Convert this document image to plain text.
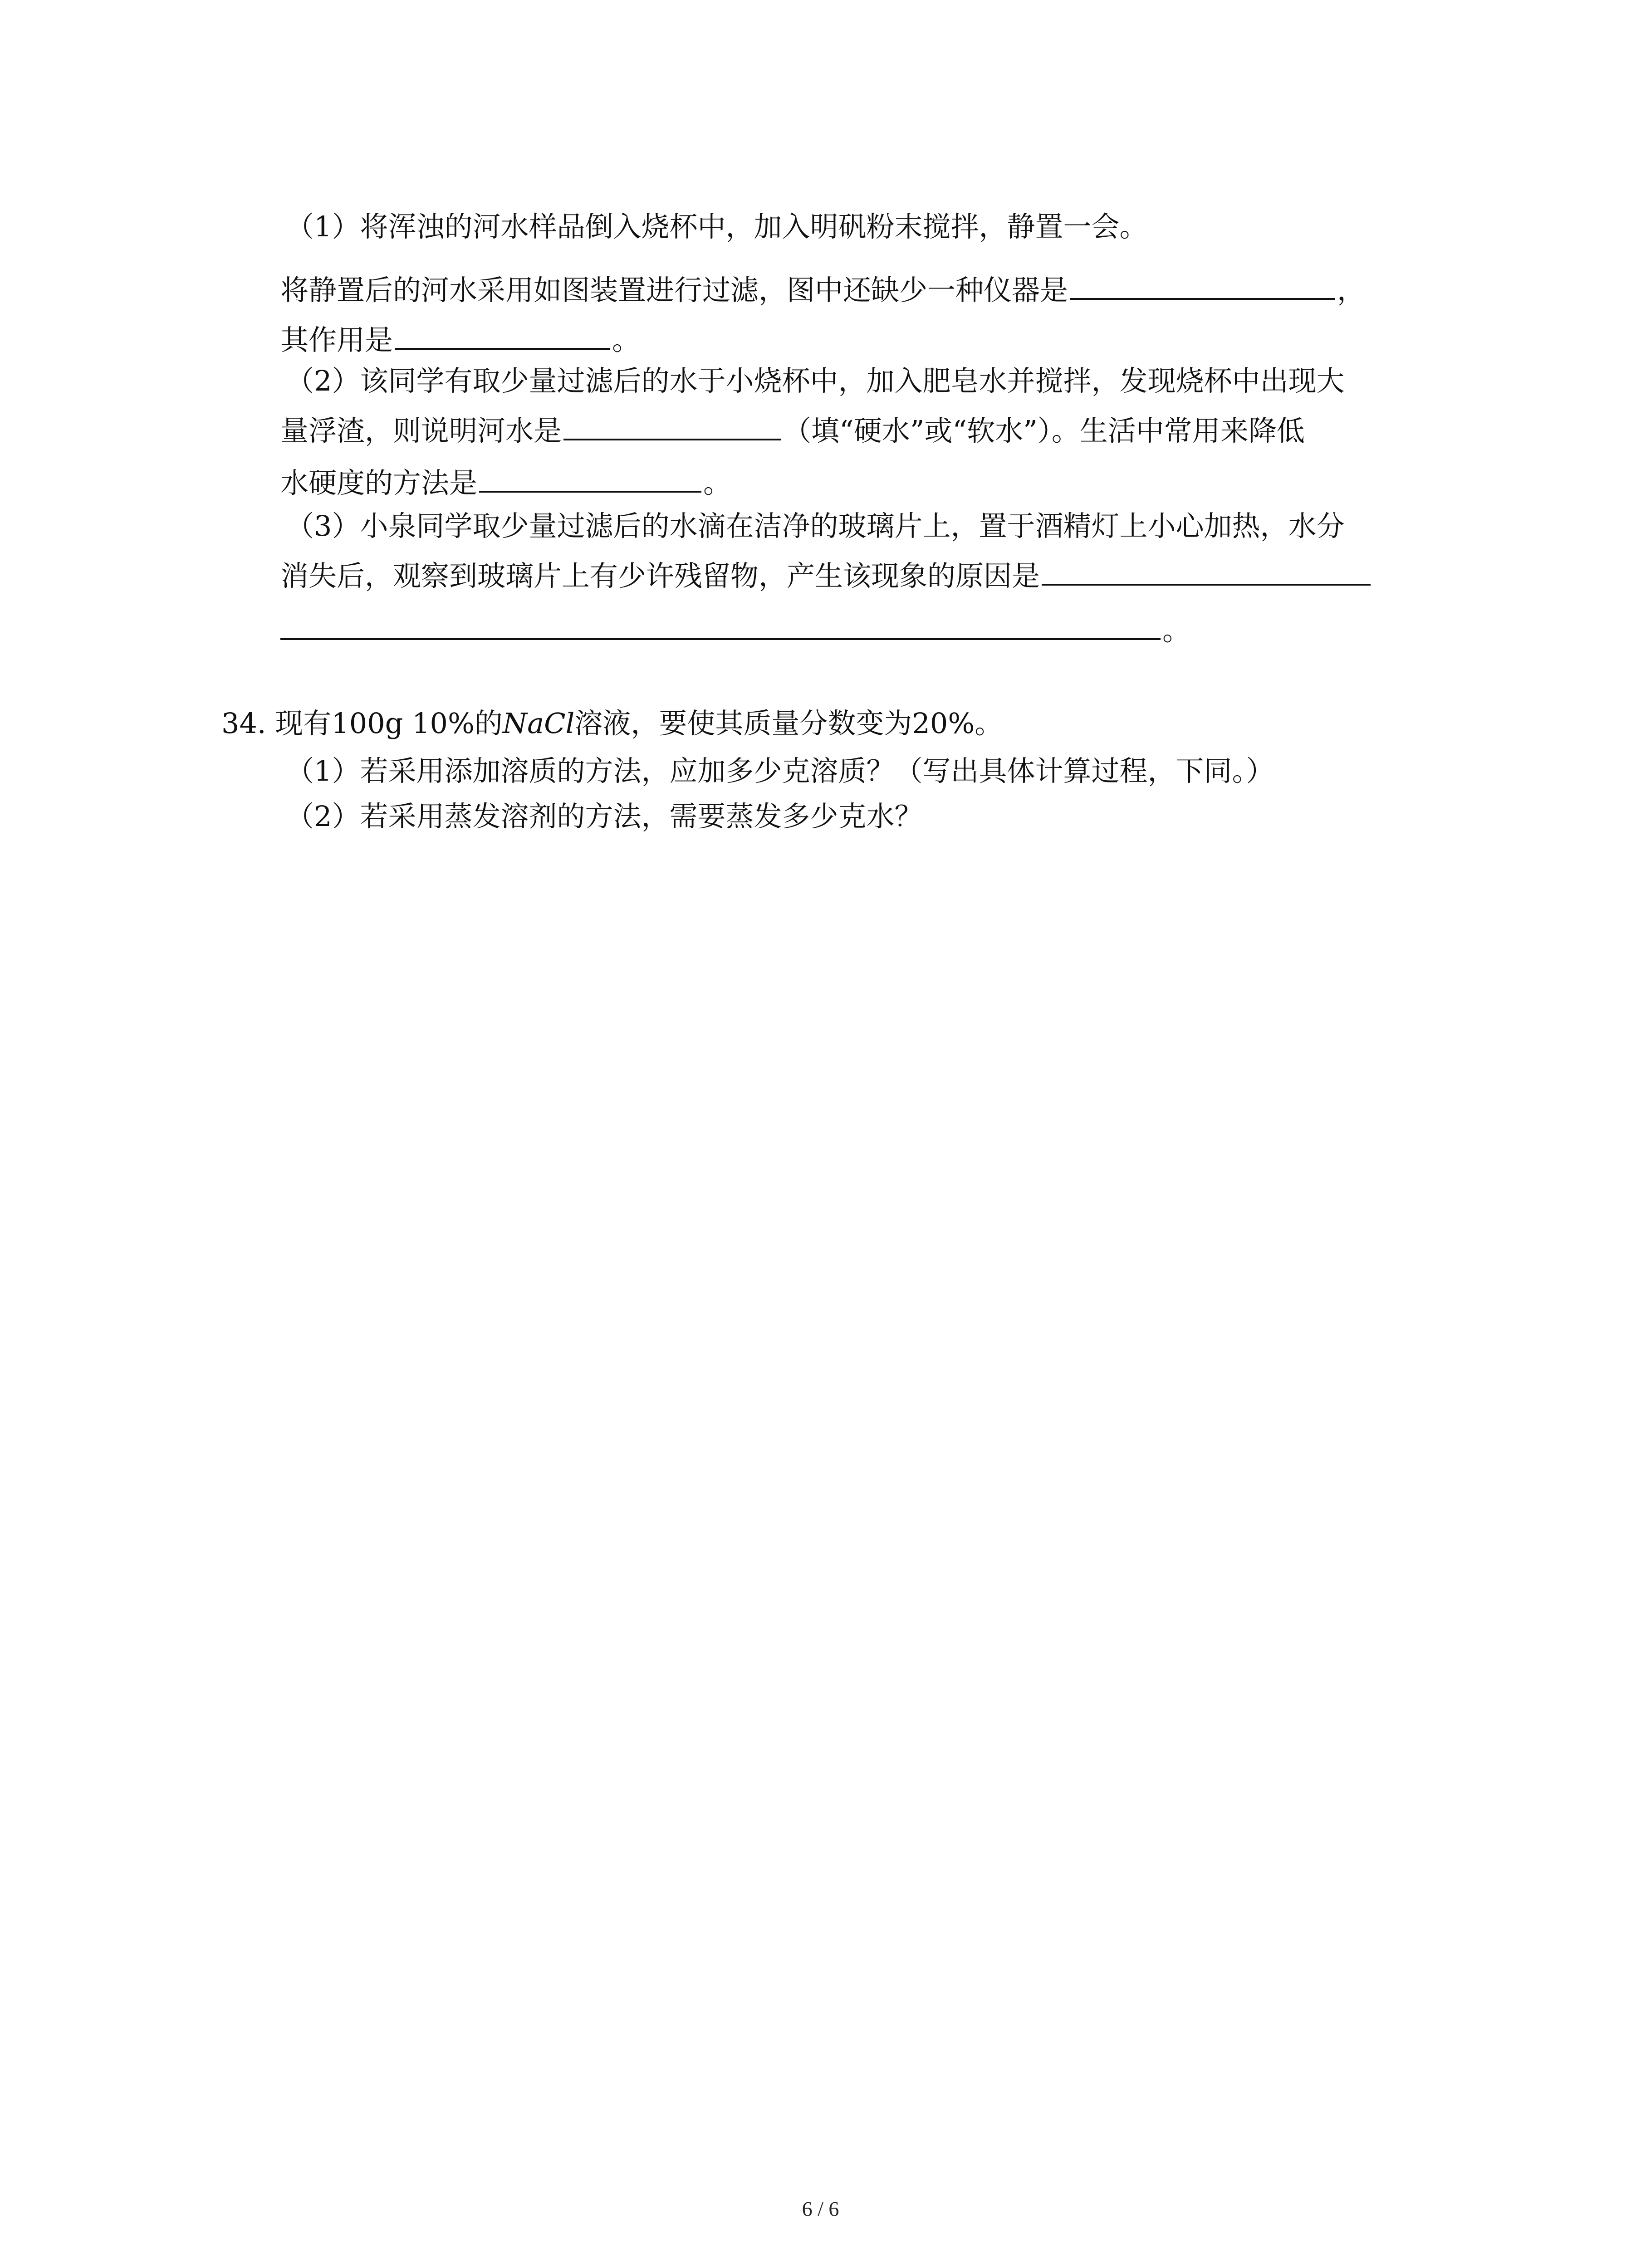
（1）将浑浊的河水样品倒入烧杯中，加入明矾粉末搅拌，静置一会。
将静置后的河水采用如图装置进行过滤，图中还缺少一种仪器是	，
其作用是	。
（2）该同学有取少量过滤后的水于小烧杯中，加入肥皂水并搅拌，发现烧杯中出现大
量浮渣，则说明河水是	（填“硬水”或“软水”）。生活中常用来降低
水硬度的方法是	。
（3）小泉同学取少量过滤后的水滴在洁净的玻璃片上，置于酒精灯上小心加热，水分
消失后，观察到玻璃片上有少许残留物，产生该现象的原因是
。
34. 现有100g 10%的NaCl溶液，要使其质量分数变为20%。
（1）若采用添加溶质的方法，应加多少克溶质？（写出具体计算过程，下同。）
（2）若采用蒸发溶剂的方法，需要蒸发多少克水？
6 / 6
